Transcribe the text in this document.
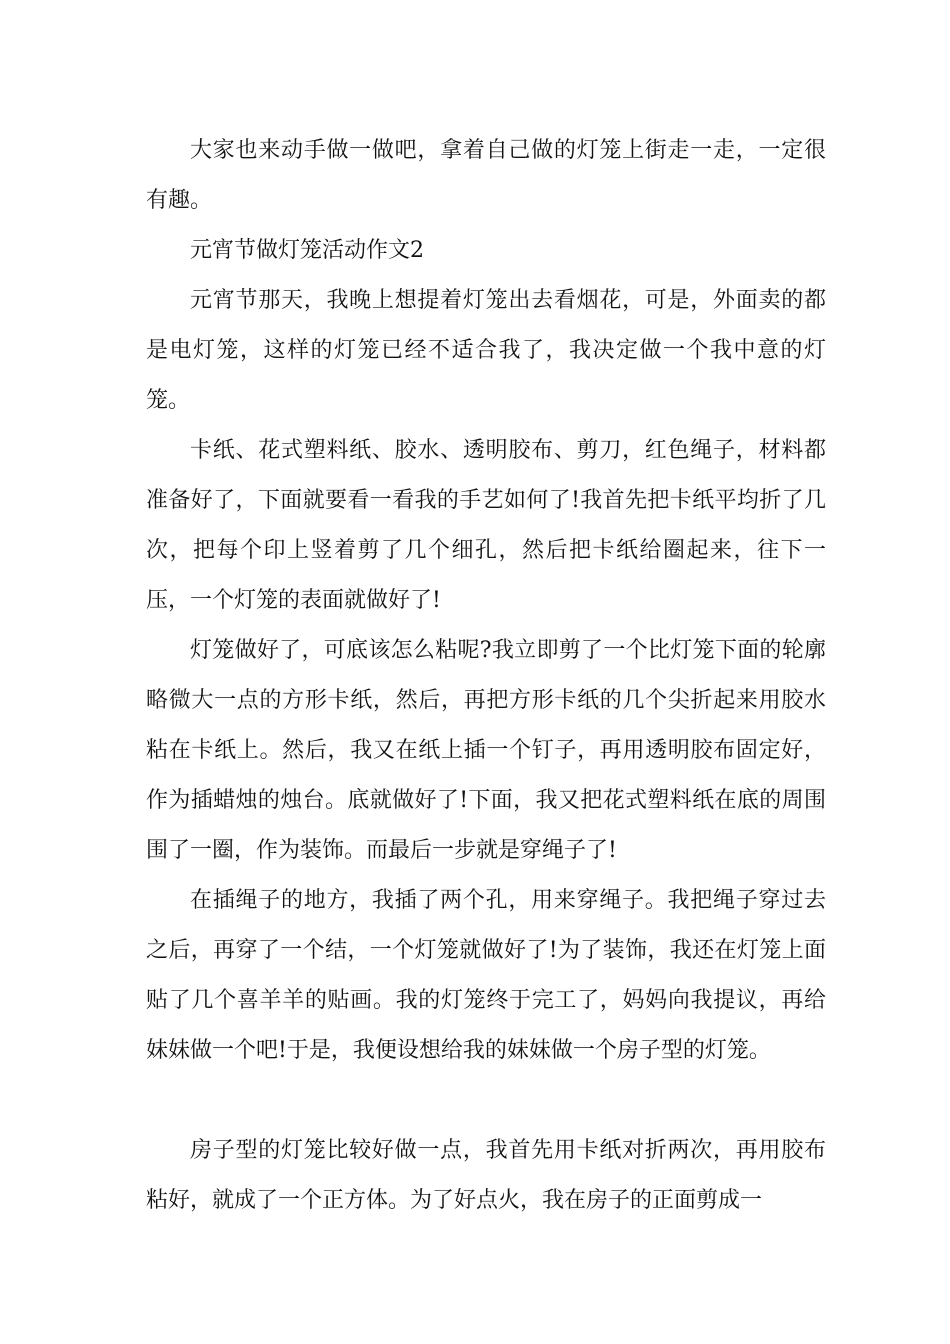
大家也来动手做一做吧，拿着自己做的灯笼上街走一走，一定很有趣。

元宵节做灯笼活动作文2

元宵节那天，我晚上想提着灯笼出去看烟花，可是，外面卖的都是电灯笼，这样的灯笼已经不适合我了，我决定做一个我中意的灯笼。

卡纸、花式塑料纸、胶水、透明胶布、剪刀，红色绳子，材料都准备好了，下面就要看一看我的手艺如何了!我首先把卡纸平均折了几次，把每个印上竖着剪了几个细孔，然后把卡纸给圈起来，往下一压，一个灯笼的表面就做好了!

灯笼做好了，可底该怎么粘呢?我立即剪了一个比灯笼下面的轮廓略微大一点的方形卡纸，然后，再把方形卡纸的几个尖折起来用胶水粘在卡纸上。然后，我又在纸上插一个钉子，再用透明胶布固定好，作为插蜡烛的烛台。底就做好了!下面，我又把花式塑料纸在底的周围围了一圈，作为装饰。而最后一步就是穿绳子了!

在插绳子的地方，我插了两个孔，用来穿绳子。我把绳子穿过去之后，再穿了一个结，一个灯笼就做好了!为了装饰，我还在灯笼上面贴了几个喜羊羊的贴画。我的灯笼终于完工了，妈妈向我提议，再给妹妹做一个吧!于是，我便设想给我的妹妹做一个房子型的灯笼。

房子型的灯笼比较好做一点，我首先用卡纸对折两次，再用胶布粘好，就成了一个正方体。为了好点火，我在房子的正面剪成一
